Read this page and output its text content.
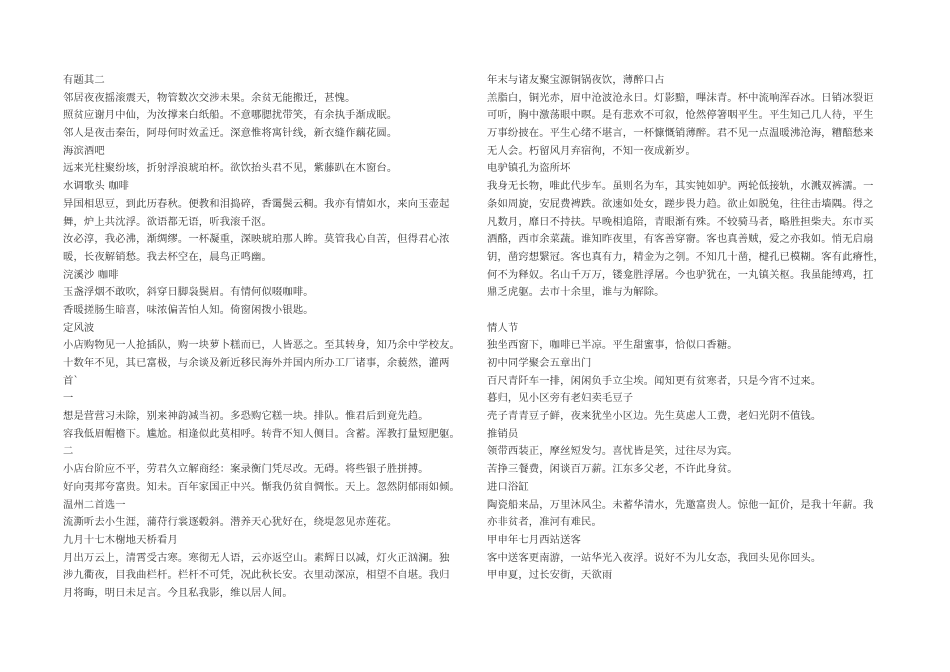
有题其二
邻居夜夜摇滚震天，物管数次交涉未果。余贫无能搬迁，甚愧。
照贫应谢月中仙，为汝撑来白纸船。不意哪腮扰带笑，有余执手渐成眠。
邻人是夜击秦缶，阿母何时效孟迁。深意惟将寓针线，新衣缝作藕花圆。
海滨酒吧
远来光柱聚纷垓，折射浮浪琥珀杯。欲饮抬头君不见，紫藤趴在木窗台。
水调歌头 咖啡
异国相思豆，到此历春秋。便教和泪捣碎，香霭鬓云稠。我亦有情如水，来向玉壶起
舞，炉上共沈浮。欲语都无语，听我滚千沤。
汝必淳，我必沸，渐绸缪。一杯凝重，深映琥珀那人眸。莫管我心自苦，但得君心浓
暖，长夜解销愁。我去杯空在，晨鸟正鸣幽。
浣溪沙 咖啡
玉盏浮烟不敢吹，斜穿日脚袅鬓眉。有情何似啜咖啡。
香暖搓肠生暗喜，味浓偏苦怕人知。倚窗闲拨小银匙。
定风波
小店购物见一人抢插队，购一块萝卜糕而已，人皆恶之。至其转身，知乃余中学校友。
十数年不见，其已富极，与余谈及新近移民海外并国内所办工厂诸事，余藐然，灌两
首`
一
想是营营习未除，别来神韵减当初。多恐购它糕一块。排队。惟君后到竟先趋。
容我低眉帽檐下。尴尬。相逢似此莫相呼。转背不知人侧目。含蓄。浑教打量短肥躯。
二
小店台阶应不平，劳君久立解商经：案录衡门凭尽改。无碍。将些银子胜拼搏。
好向夷邦夸富贵。知未。百年家国正中兴。惭我仍贫自惆怅。天上。忽然阴郁雨如倾。
温州二首选一
流澌听去小生涯，蒲苻行裳逐毂斜。潜养天心犹好在，绕堤忽见赤莲花。
九月十七木榭地天桥看月
月出万云上，清霄受古寒。寒彻无人语，云亦返空山。素辉日以减，灯火正汹澜。独
涉九衢夜，目我曲栏杆。栏杆不可凭，况此秋长安。衣里动深凉，相望不自堪。我归
月将晦，明日未足言。今且私我影，维以居人间。
年末与诸友聚宝源铜锅夜饮，薄醉口占
羔脂白，铜光赤，眉中沧波沧永日。灯影黯，嗶沫青。杯中流响浑吞冰。日销冰裂讵
可听，胸中激荡眼中暝。是有悲欢不可叙，怆然停箸咽平生。平生知己几人待，平生
万事纷披在。平生心绪不堪言，一杯慷慨销薄醉。君不见一点温暖沸沧海，糟醅愁来
无人会。朽留风月弃宿徇，不知一夜成新岁。
电驴镇孔为盗所坏
我身无长物，唯此代步车。虽则名为车，其实钝如驴。两轮低接轨，水溅双裤濡。一
条如周旋，安屁费裨跌。欲速如处女，蹉步畏力趋。欲止如脱兔，往往击墙隅。得之
凡数月，靡日不持扶。早晚相追陪，青眼渐有殊。不较骑马者，略胜担柴夫。东市买
酒酪，西市余菜蔬。谁知昨夜里，有客善穿窬。客也真善贼，爱之亦我如。悄无启扇
钥，凿窍想繄冠。客也真有力，精金为之刳。不知几十凿，楗孔已模糊。客有此瘠性，
何不为释奴。名山千万万，镂龛胜浮屠。今也驴犹在，一丸镇关枢。我虽能缚鸡，扛
鼎乏虎躯。去市十余里，谁与为解除。
情人节
独坐西窗下，咖啡已半凉。平生甜蜜事，恰似口香糖。
初中同学聚会五章出门
百尺青阡车一排，闲闲负手立尘埃。闻知更有贫寒者，只是今宵不过来。
暮归，见小区旁有老妇卖毛豆子
壳子青青豆子鲜，夜来犹坐小区边。先生莫虑人工费，老妇光阴不值钱。
推销员
领带西装正，摩丝短发匀。喜忧皆是笑，过往尽为宾。
苦挣三餐费，闲谈百万薪。江东多父老，不许此身贫。
进口浴缸
陶瓷船来品，万里沐风尘。未蓄华清水，先邀富贵人。惊他一缸价，是我十年薪。我
亦非贫者，准河有难民。
甲申年七月西站送客
客中送客更南游，一站华光入夜浮。说好不为儿女态，我回头见你回头。
甲申夏，过长安街，天欲雨
